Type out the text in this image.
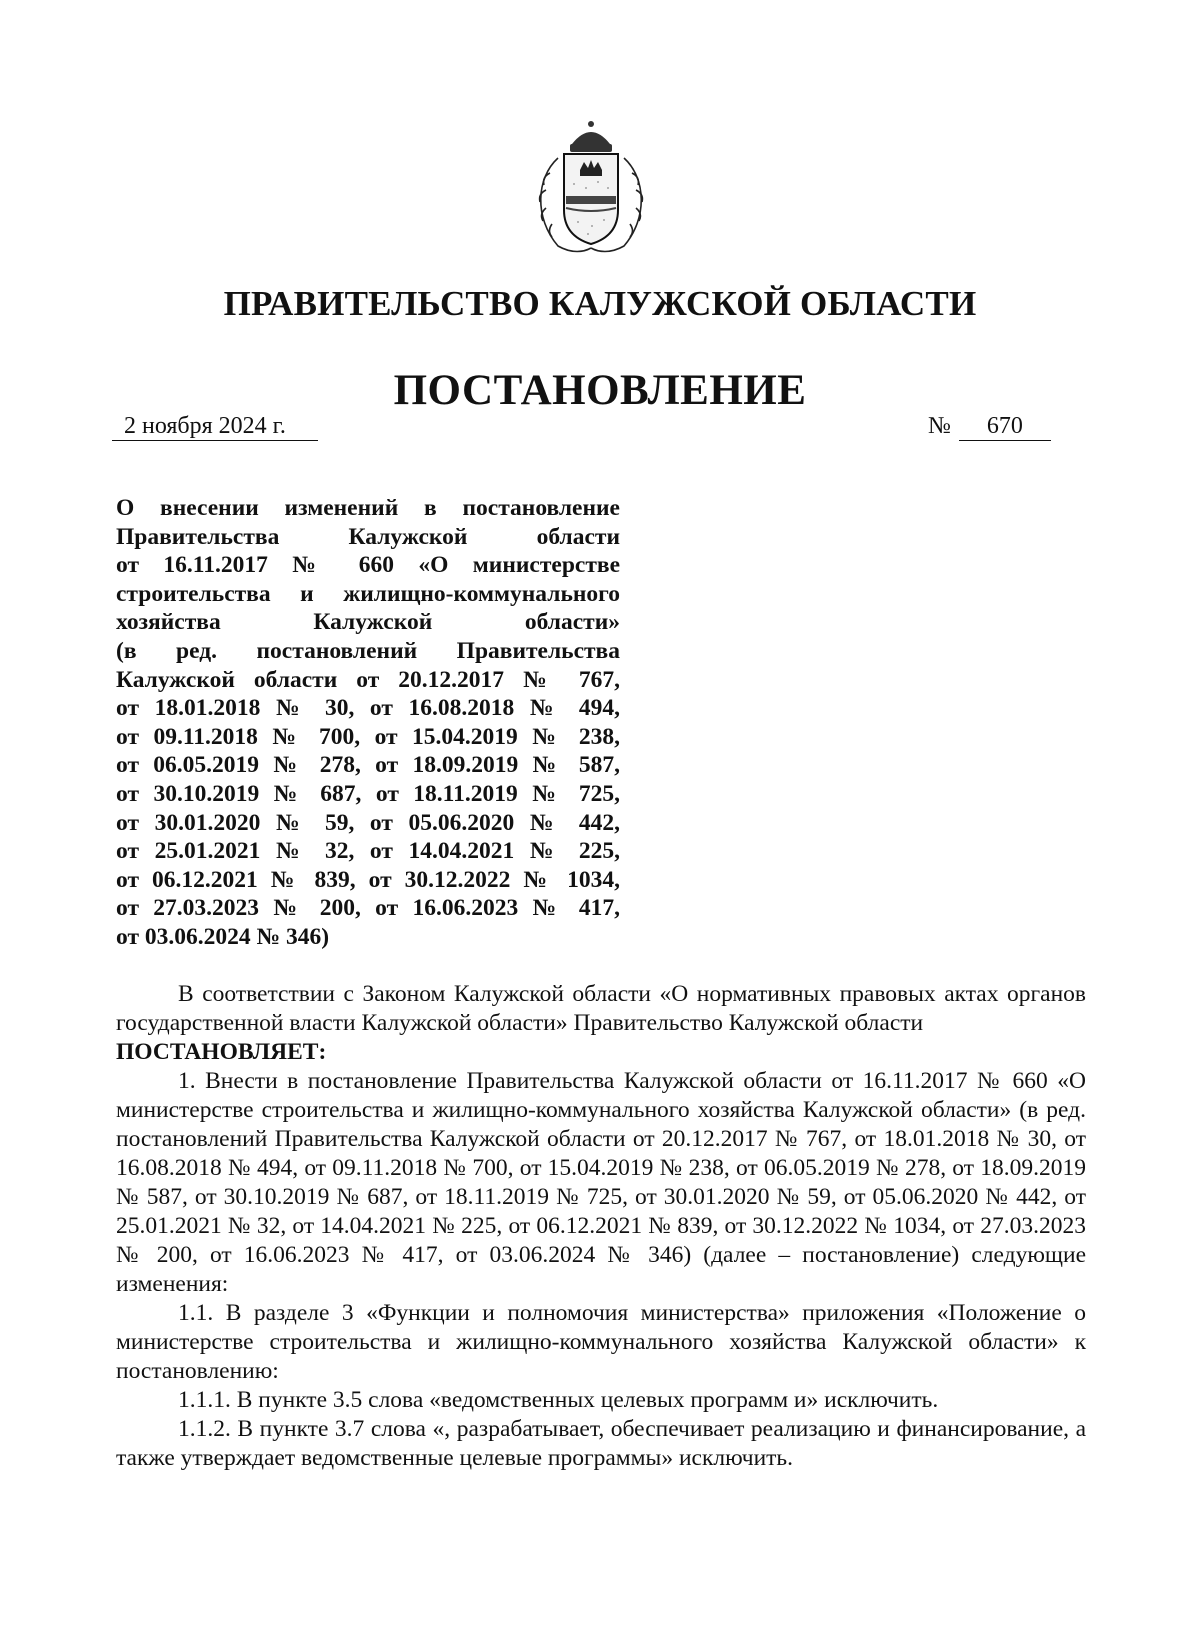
ПРАВИТЕЛЬСТВО КАЛУЖСКОЙ ОБЛАСТИ
ПОСТАНОВЛЕНИЕ
2 ноября 2024 г.	№ 670
О внесении изменений в постановление
Правительства Калужской области
от 16.11.2017 № 660 «О министерстве
строительства и жилищно-коммунального
хозяйства Калужской области»
(в ред. постановлений Правительства
Калужской области от 20.12.2017 № 767,
от 18.01.2018 № 30, от 16.08.2018 № 494,
от 09.11.2018 № 700, от 15.04.2019 № 238,
от 06.05.2019 № 278, от 18.09.2019 № 587,
от 30.10.2019 № 687, от 18.11.2019 № 725,
от 30.01.2020 № 59, от 05.06.2020 № 442,
от 25.01.2021 № 32, от 14.04.2021 № 225,
от 06.12.2021 № 839, от 30.12.2022 № 1034,
от 27.03.2023 № 200, от 16.06.2023 № 417,
от 03.06.2024 № 346)

В соответствии с Законом Калужской области «О нормативных правовых актах органов государственной власти Калужской области» Правительство Калужской области

ПОСТАНОВЛЯЕТ:

1. Внести в постановление Правительства Калужской области от 16.11.2017 № 660 «О министерстве строительства и жилищно-коммунального хозяйства Калужской области» (в ред. постановлений Правительства Калужской области от 20.12.2017 № 767, от 18.01.2018 № 30, от 16.08.2018 № 494, от 09.11.2018 № 700, от 15.04.2019 № 238, от 06.05.2019 № 278, от 18.09.2019 № 587, от 30.10.2019 № 687, от 18.11.2019 № 725, от 30.01.2020 № 59, от 05.06.2020 № 442, от 25.01.2021 № 32, от 14.04.2021 № 225, от 06.12.2021 № 839, от 30.12.2022 № 1034, от 27.03.2023 № 200, от 16.06.2023 № 417, от 03.06.2024 № 346) (далее – постановление) следующие изменения:

1.1. В разделе 3 «Функции и полномочия министерства» приложения «Положение о министерстве строительства и жилищно-коммунального хозяйства Калужской области» к постановлению:

1.1.1. В пункте 3.5 слова «ведомственных целевых программ и» исключить.

1.1.2. В пункте 3.7 слова «, разрабатывает, обеспечивает реализацию и финансирование, а также утверждает ведомственные целевые программы» исключить.
